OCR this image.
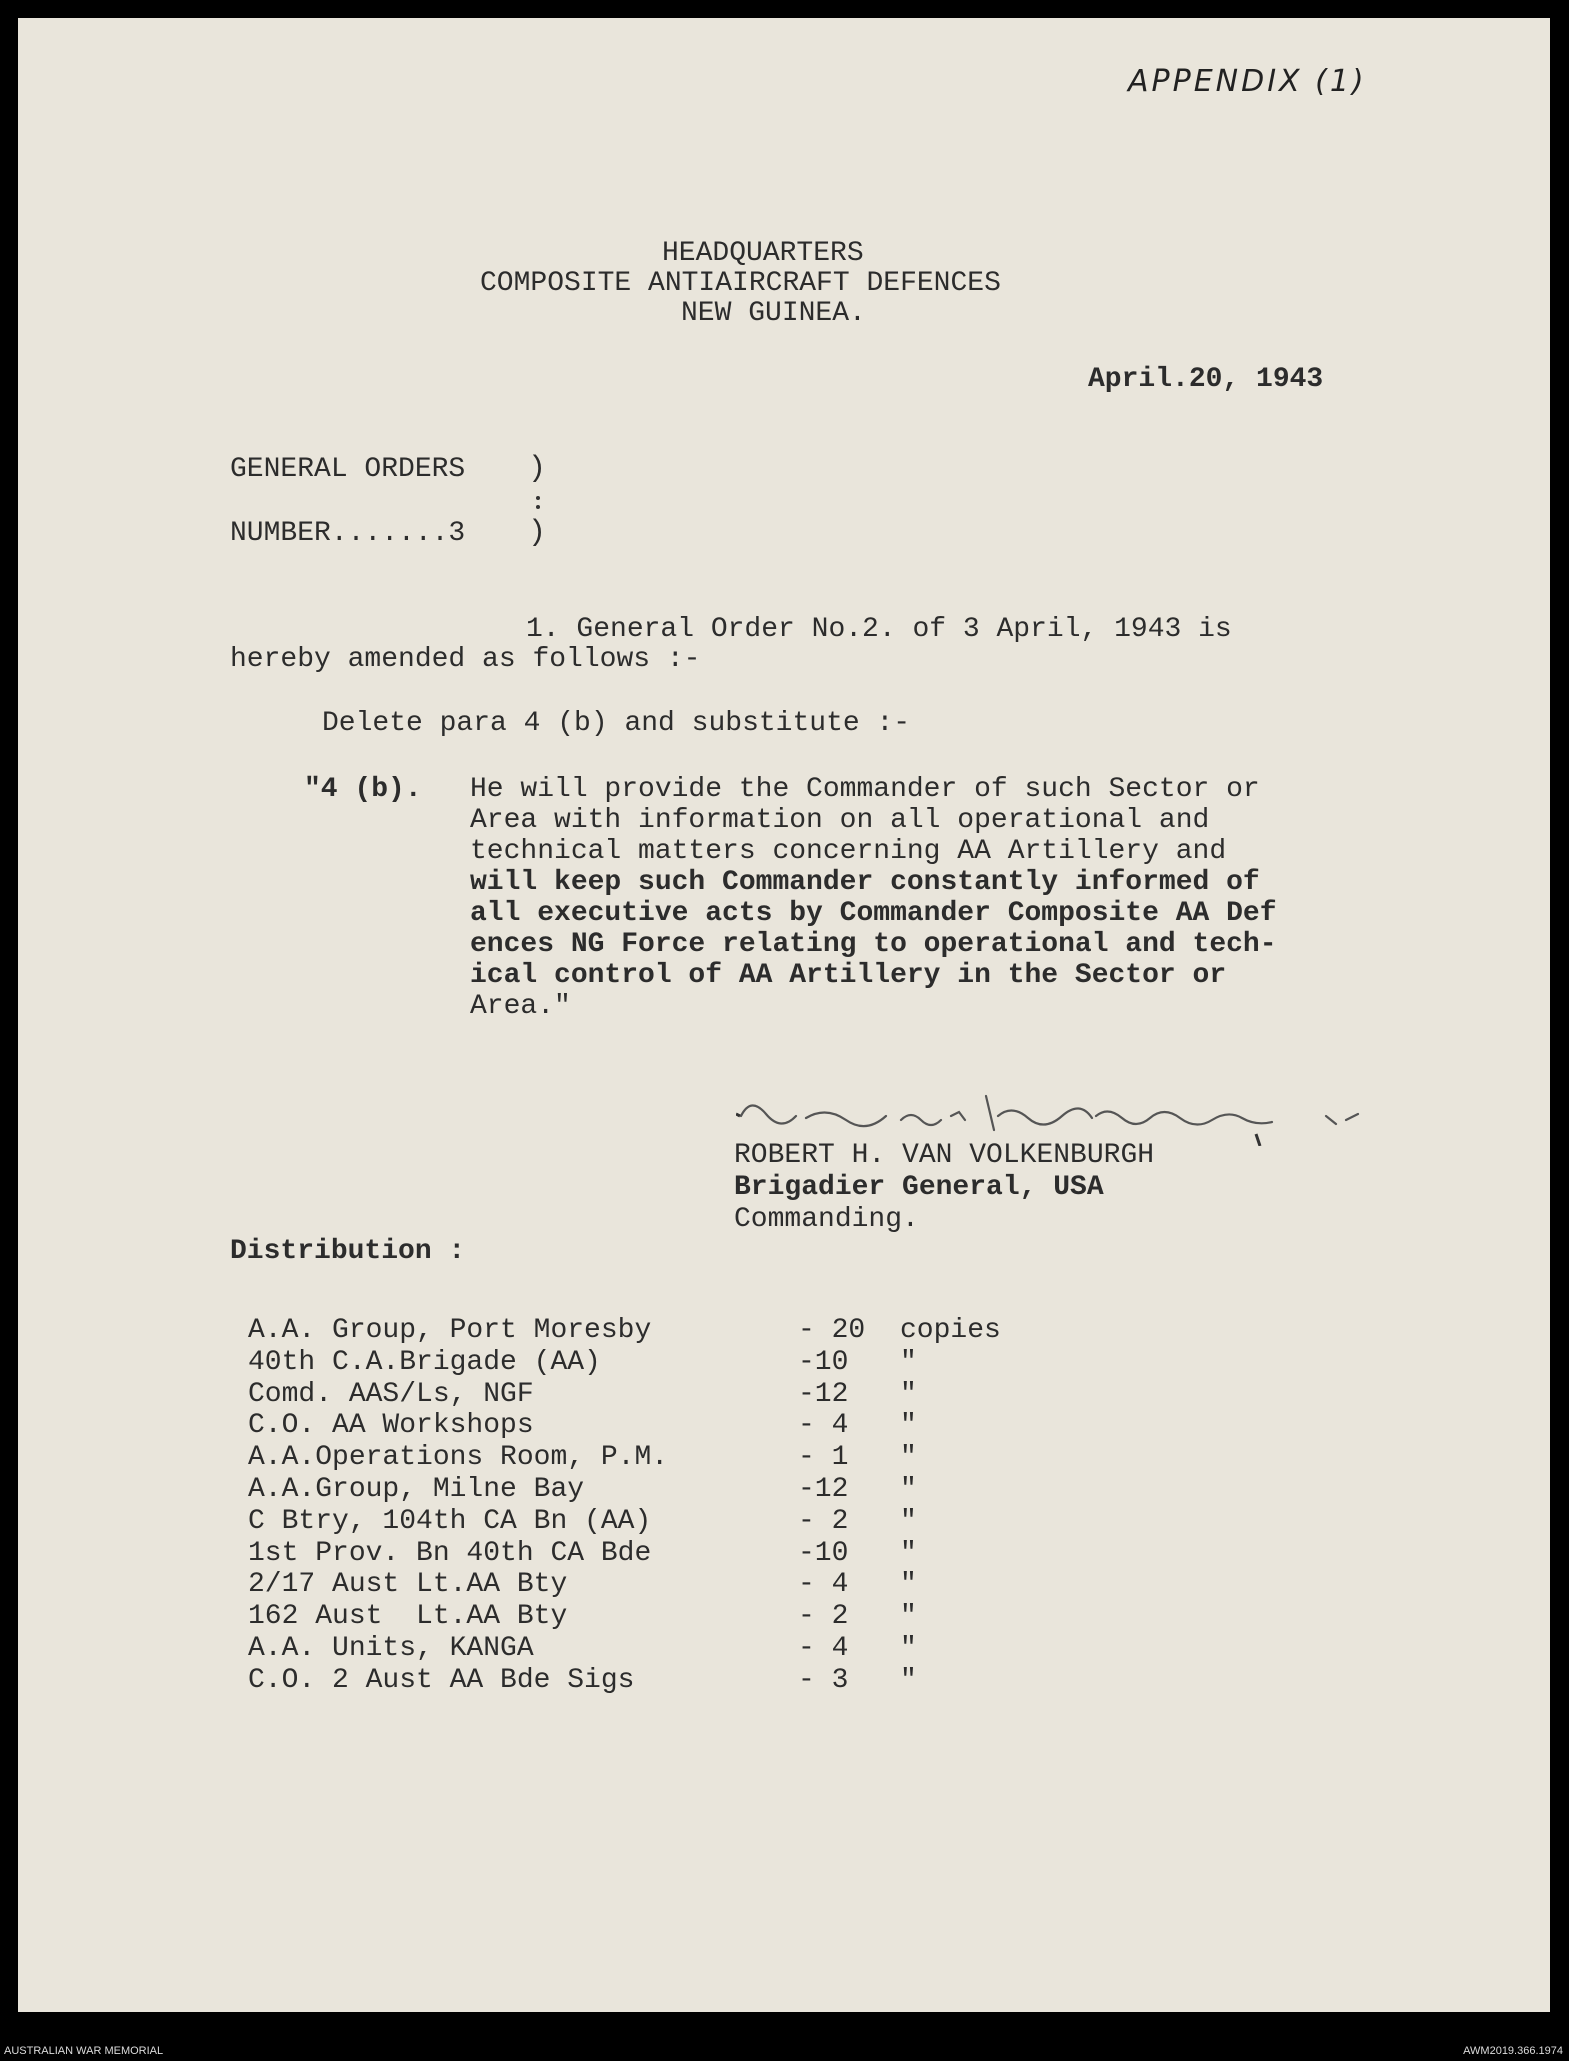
APPENDIX (1)
HEADQUARTERS
COMPOSITE ANTIAIRCRAFT DEFENCES
NEW GUINEA.
April.20, 1943
GENERAL ORDERS )
NUMBER.......3 )
1. General Order No.2. of 3 April, 1943 is
hereby amended as follows :-
Delete para 4 (b) and substitute :-
"4 (b). He will provide the Commander of such Sector or
Area with information on all operational and
technical matters concerning AA Artillery and
will keep such Commander constantly informed of
all executive acts by Commander Composite AA Def
ences NG Force relating to operational and tech-
ical control of AA Artillery in the Sector or
Area."
ROBERT H. VAN VOLKENBURGH
Brigadier General, USA
Commanding.
Distribution :
A.A. Group, Port Moresby	- 20 copies
40th C.A.Brigade (AA)	-10 "
Comd. AAS/Ls, NGF	-12 "
C.O. AA Workshops	- 4 "
A.A.Operations Room, P.M.	- 1 "
A.A.Group, Milne Bay	-12 "
C Btry, 104th CA Bn (AA)	- 2 "
1st Prov. Bn 40th CA Bde	-10 "
2/17 Aust Lt.AA Bty	- 4 "
162 Aust  Lt.AA Bty	- 2 "
A.A. Units, KANGA	- 4 "
C.O. 2 Aust AA Bde Sigs	- 3 "
AUSTRALIAN WAR MEMORIAL	AWM2019.366.1974
